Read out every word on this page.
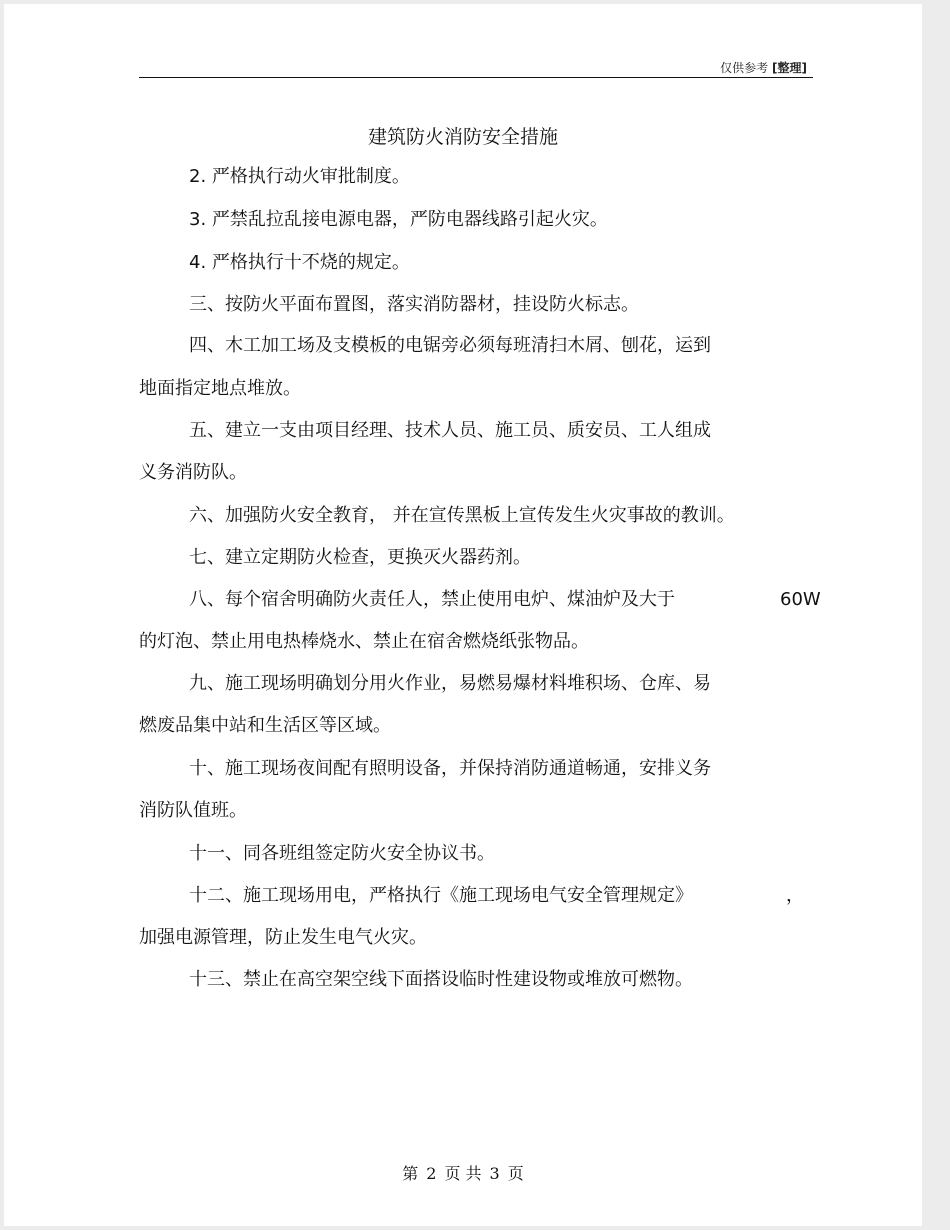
仅供参考 [整理]
建筑防火消防安全措施
2. 严格执行动火审批制度。
3. 严禁乱拉乱接电源电器，严防电器线路引起火灾。
4. 严格执行十不烧的规定。
三、按防火平面布置图，落实消防器材，挂设防火标志。
四、木工加工场及支模板的电锯旁必须每班清扫木屑、刨花，运到
地面指定地点堆放。
五、建立一支由项目经理、技术人员、施工员、质安员、工人组成
义务消防队。
六、加强防火安全教育， 并在宣传黑板上宣传发生火灾事故的教训。
七、建立定期防火检查，更换灭火器药剂。
八、每个宿舍明确防火责任人，禁止使用电炉、煤油炉及大于	60W
的灯泡、禁止用电热棒烧水、禁止在宿舍燃烧纸张物品。
九、施工现场明确划分用火作业，易燃易爆材料堆积场、仓库、易
燃废品集中站和生活区等区域。
十、施工现场夜间配有照明设备，并保持消防通道畅通，安排义务
消防队值班。
十一、同各班组签定防火安全协议书。
十二、施工现场用电，严格执行《施工现场电气安全管理规定》	，
加强电源管理，防止发生电气火灾。
十三、禁止在高空架空线下面搭设临时性建设物或堆放可燃物。
第 2 页 共 3 页
